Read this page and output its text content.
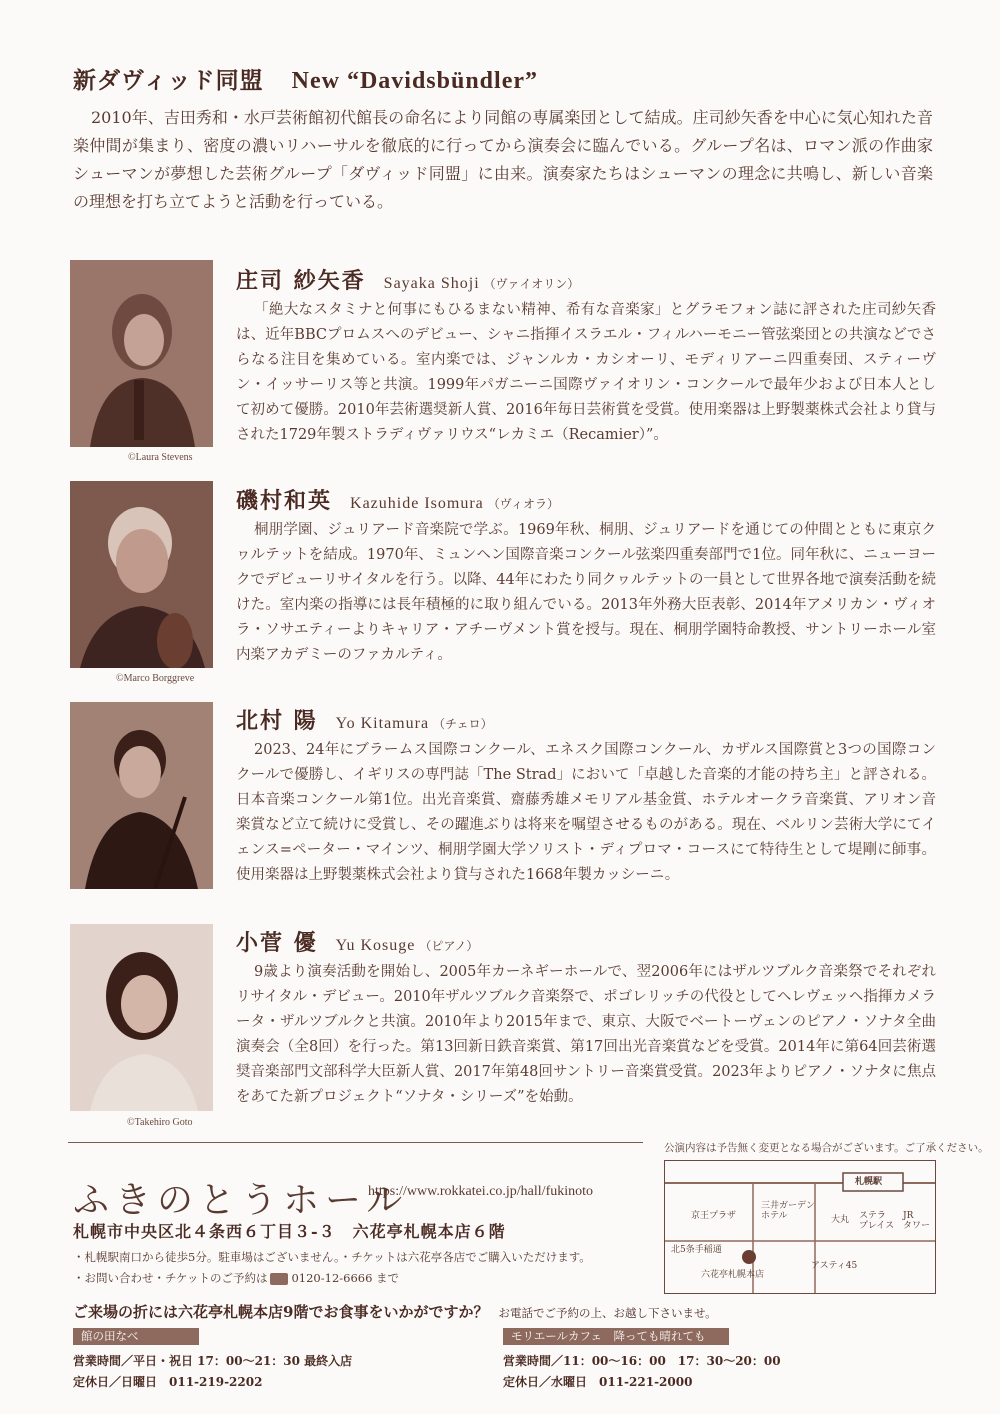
新ダヴィッド同盟 New “Davidsbündler”
2010年、吉田秀和・水戸芸術館初代館長の命名により同館の専属楽団として結成。庄司紗矢香を中心に気心知れた音楽仲間が集まり、密度の濃いリハーサルを徹底的に行ってから演奏会に臨んでいる。グループ名は、ロマン派の作曲家シューマンが夢想した芸術グループ「ダヴィッド同盟」に由来。演奏家たちはシューマンの理念に共鳴し、新しい音楽の理想を打ち立てようと活動を行っている。
©Laura Stevens
庄司 紗矢香 Sayaka Shoji （ヴァイオリン）
「絶大なスタミナと何事にもひるまない精神、希有な音楽家」とグラモフォン誌に評された庄司紗矢香は、近年BBCプロムスへのデビュー、シャニ指揮イスラエル・フィルハーモニー管弦楽団との共演などでさらなる注目を集めている。室内楽では、ジャンルカ・カシオーリ、モディリアーニ四重奏団、スティーヴン・イッサーリス等と共演。1999年パガニーニ国際ヴァイオリン・コンクールで最年少および日本人として初めて優勝。2010年芸術選奨新人賞、2016年毎日芸術賞を受賞。使用楽器は上野製薬株式会社より貸与された1729年製ストラディヴァリウス“レカミエ（Recamier）”。
©Marco Borggreve
磯村和英 Kazuhide Isomura （ヴィオラ）
桐朋学園、ジュリアード音楽院で学ぶ。1969年秋、桐朋、ジュリアードを通じての仲間とともに東京クヮルテットを結成。1970年、ミュンヘン国際音楽コンクール弦楽四重奏部門で1位。同年秋に、ニューヨークでデビューリサイタルを行う。以降、44年にわたり同クヮルテットの一員として世界各地で演奏活動を続けた。室内楽の指導には長年積極的に取り組んでいる。2013年外務大臣表彰、2014年アメリカン・ヴィオラ・ソサエティーよりキャリア・アチーヴメント賞を授与。現在、桐朋学園特命教授、サントリーホール室内楽アカデミーのファカルティ。
北村 陽 Yo Kitamura （チェロ）
2023、24年にブラームス国際コンクール、エネスク国際コンクール、カザルス国際賞と3つの国際コンクールで優勝し、イギリスの専門誌「The Strad」において「卓越した音楽的才能の持ち主」と評される。日本音楽コンクール第1位。出光音楽賞、齋藤秀雄メモリアル基金賞、ホテルオークラ音楽賞、アリオン音楽賞など立て続けに受賞し、その躍進ぶりは将来を嘱望させるものがある。現在、ベルリン芸術大学にてイェンス=ペーター・マインツ、桐朋学園大学ソリスト・ディプロマ・コースにて特待生として堤剛に師事。使用楽器は上野製薬株式会社より貸与された1668年製カッシーニ。
©Takehiro Goto
小菅 優 Yu Kosuge （ピアノ）
9歳より演奏活動を開始し、2005年カーネギーホールで、翌2006年にはザルツブルク音楽祭でそれぞれリサイタル・デビュー。2010年ザルツブルク音楽祭で、ポゴレリッチの代役としてヘレヴェッヘ指揮カメラータ・ザルツブルクと共演。2010年より2015年まで、東京、大阪でベートーヴェンのピアノ・ソナタ全曲演奏会（全8回）を行った。第13回新日鉄音楽賞、第17回出光音楽賞などを受賞。2014年に第64回芸術選奨音楽部門文部科学大臣新人賞、2017年第48回サントリー音楽賞受賞。2023年よりピアノ・ソナタに焦点をあてた新プロジェクト“ソナタ・シリーズ”を始動。
ふきのとうホール
https://www.rokkatei.co.jp/hall/fukinoto
札幌市中央区北４条西６丁目３-３　六花亭札幌本店６階
・札幌駅南口から徒歩5分。駐車場はございません。・チケットは六花亭各店でご購入いただけます。
・お問い合わせ・チケットのご予約は 0120-12-6666 まで
公演内容は予告無く変更となる場合がございます。ご了承ください。
札幌駅
京王プラザ
三井ガーデン
ホテル	大丸 ステラ
プレイス
JR
タワー
北5条手稲通
六花亭札幌本店
アスティ45
ご来場の折には六花亭札幌本店9階でお食事をいかがですか？ お電話でご予約の上、お越し下さいませ。
館の田なべ
営業時間／平日・祝日 17：00〜21：30 最終入店
定休日／日曜日　011-219-2202
モリエールカフェ　降っても晴れても
営業時間／11：00〜16：00　17：30〜20：00
定休日／水曜日　011-221-2000
